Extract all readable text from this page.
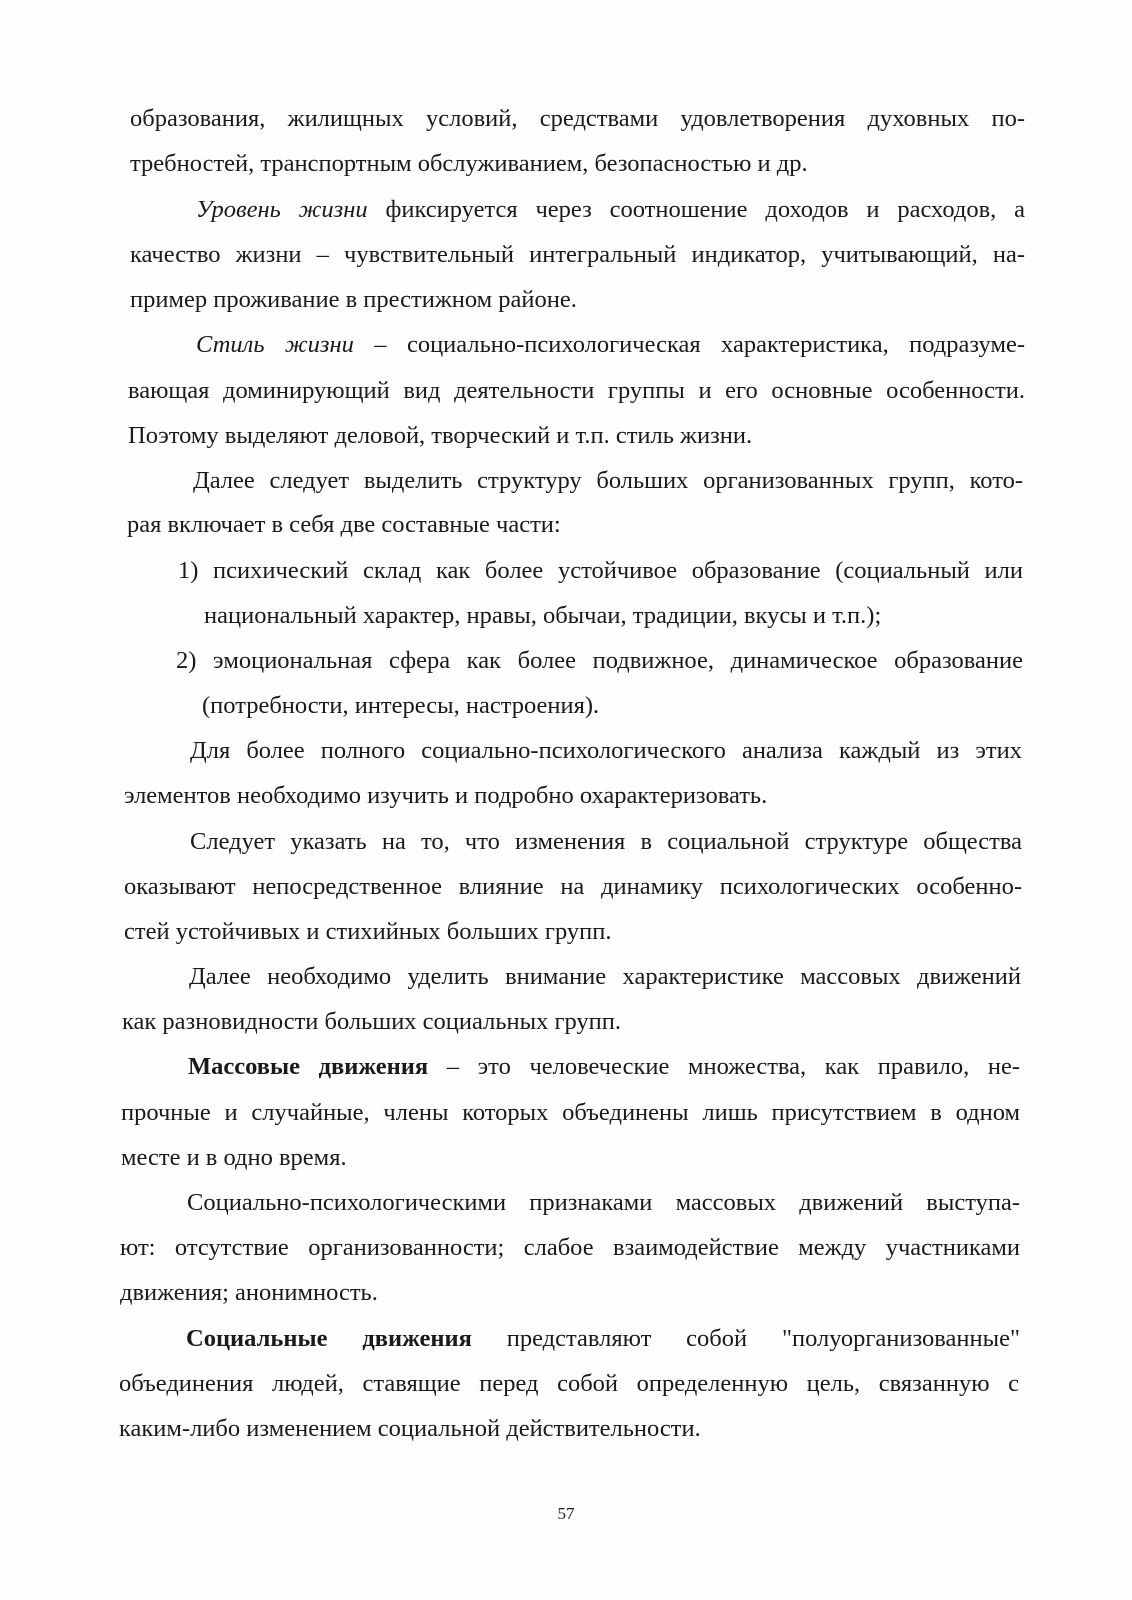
образования, жилищных условий, средствами удовлетворения духовных по-
требностей, транспортным обслуживанием, безопасностью и др.
Уровень жизни фиксируется через соотношение доходов и расходов, а
качество жизни – чувствительный интегральный индикатор, учитывающий, на-
пример проживание в престижном районе.
Стиль жизни – социально-психологическая характеристика, подразуме-
вающая доминирующий вид деятельности группы и его основные особенности.
Поэтому выделяют деловой, творческий и т.п. стиль жизни.
Далее следует выделить структуру больших организованных групп, кото-
рая включает в себя две составные части:
1) психический склад как более устойчивое образование (социальный или
национальный характер, нравы, обычаи, традиции, вкусы и т.п.);
2) эмоциональная сфера как более подвижное, динамическое образование
(потребности, интересы, настроения).
Для более полного социально-психологического анализа каждый из этих
элементов необходимо изучить и подробно охарактеризовать.
Следует указать на то, что изменения в социальной структуре общества
оказывают непосредственное влияние на динамику психологических особенно-
стей устойчивых и стихийных больших групп.
Далее необходимо уделить внимание характеристике массовых движений
как разновидности больших социальных групп.
Массовые движения – это человеческие множества, как правило, не-
прочные и случайные, члены которых объединены лишь присутствием в одном
месте и в одно время.
Социально-психологическими признаками массовых движений выступа-
ют: отсутствие организованности; слабое взаимодействие между участниками
движения; анонимность.
Социальные движения представляют собой "полуорганизованные"
объединения людей, ставящие перед собой определенную цель, связанную с
каким-либо изменением социальной действительности.
57
